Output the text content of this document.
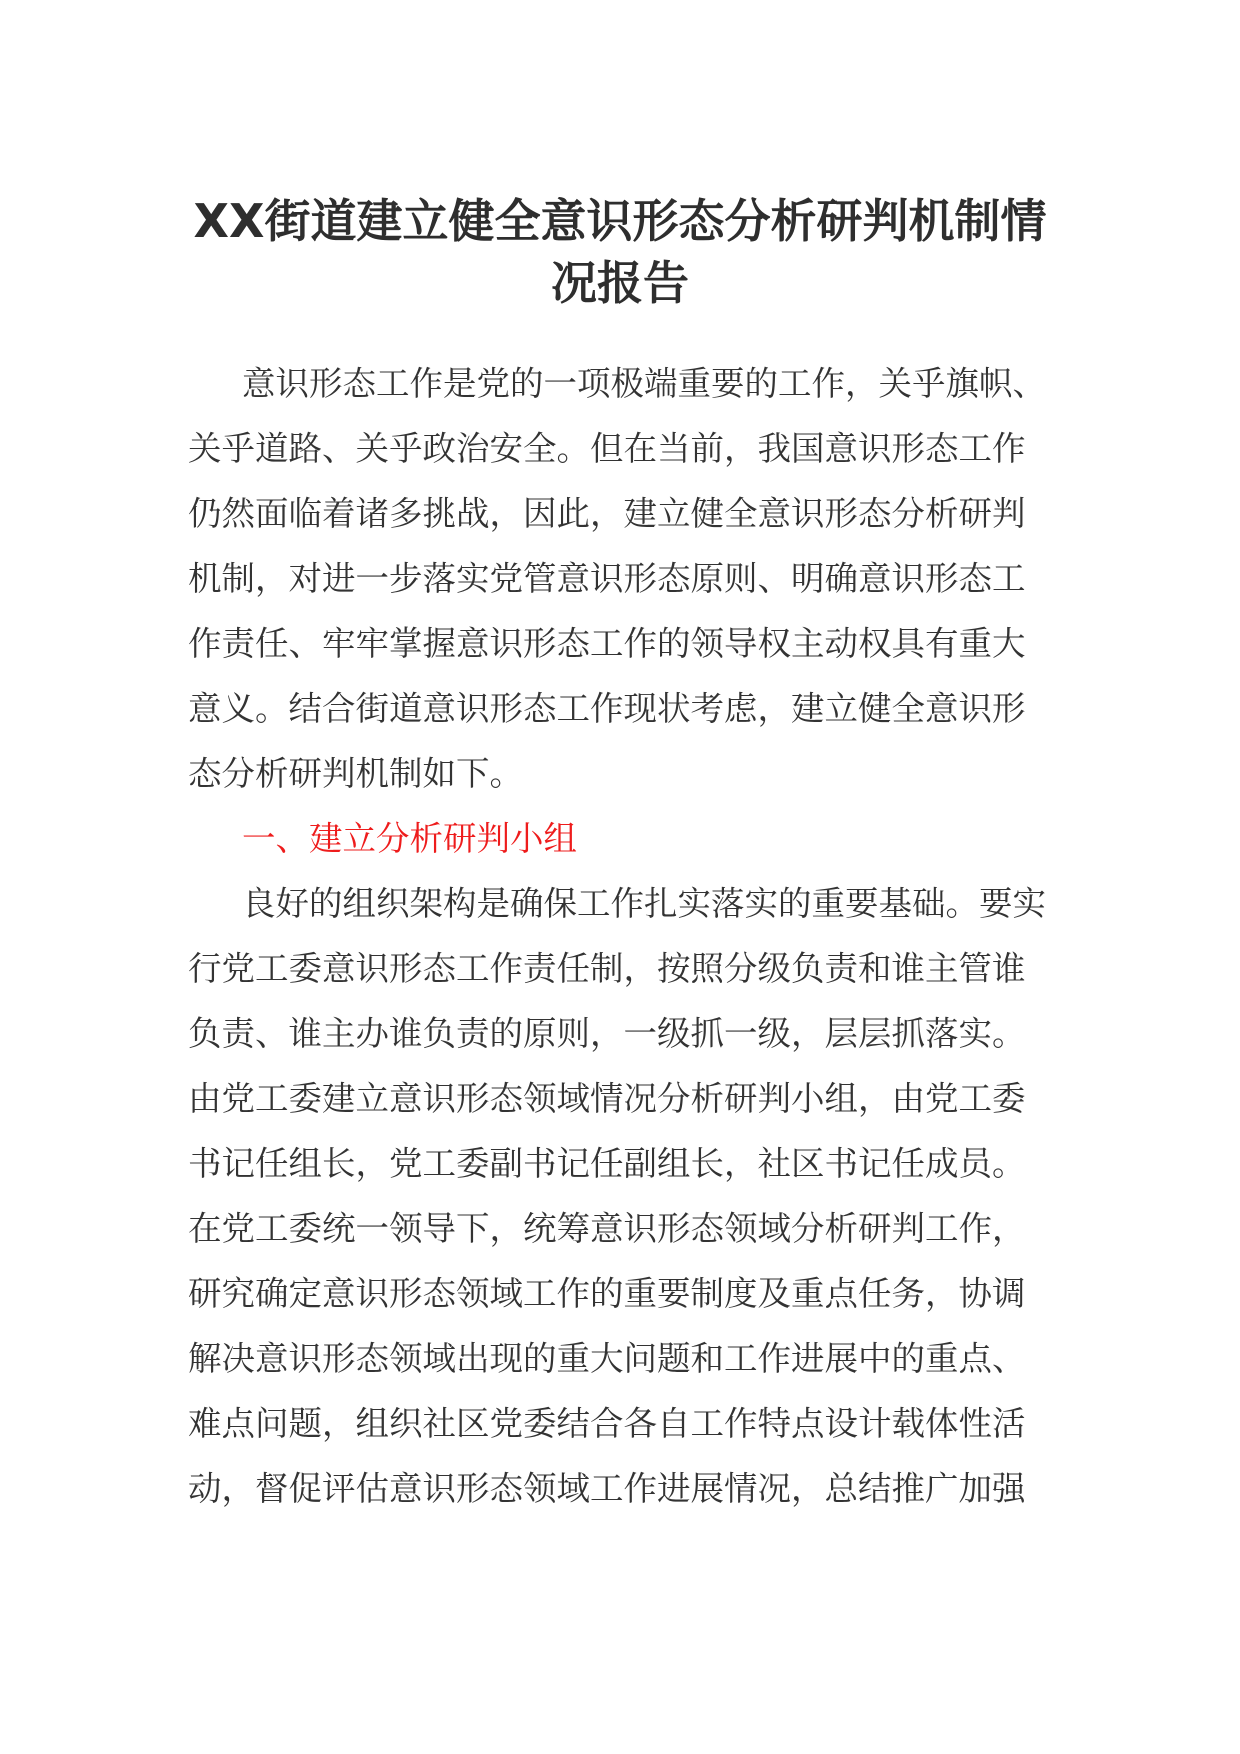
XX街道建立健全意识形态分析研判机制情
况报告
意识形态工作是党的一项极端重要的工作，关乎旗帜、
关乎道路、关乎政治安全。但在当前，我国意识形态工作
仍然面临着诸多挑战，因此，建立健全意识形态分析研判
机制，对进一步落实党管意识形态原则、明确意识形态工
作责任、牢牢掌握意识形态工作的领导权主动权具有重大
意义。结合街道意识形态工作现状考虑，建立健全意识形
态分析研判机制如下。
一、建立分析研判小组
良好的组织架构是确保工作扎实落实的重要基础。要实
行党工委意识形态工作责任制，按照分级负责和谁主管谁
负责、谁主办谁负责的原则，一级抓一级，层层抓落实。
由党工委建立意识形态领域情况分析研判小组，由党工委
书记任组长，党工委副书记任副组长，社区书记任成员。
在党工委统一领导下，统筹意识形态领域分析研判工作，
研究确定意识形态领域工作的重要制度及重点任务，协调
解决意识形态领域出现的重大问题和工作进展中的重点、
难点问题，组织社区党委结合各自工作特点设计载体性活
动，督促评估意识形态领域工作进展情况，总结推广加强
